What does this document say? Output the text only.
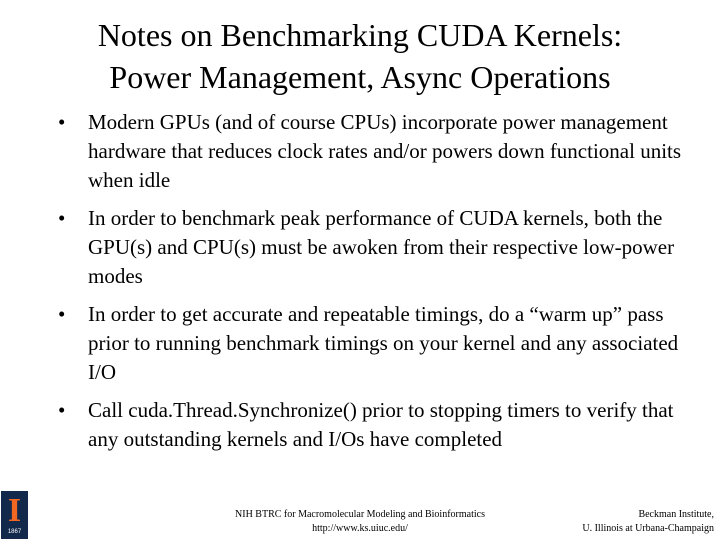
Notes on Benchmarking CUDA Kernels:
Power Management, Async Operations
•	Modern GPUs (and of course CPUs) incorporate power management hardware that reduces clock rates and/or powers down functional units when idle
•	In order to benchmark peak performance of CUDA kernels, both the GPU(s) and CPU(s) must be awoken from their respective low-power modes
•	In order to get accurate and repeatable timings, do a “warm up” pass prior to running benchmark timings on your kernel and any associated I/O
•	Call cuda.Thread.Synchronize() prior to stopping timers to verify that any outstanding kernels and I/Os have completed
I
1867
NIH BTRC for Macromolecular Modeling and Bioinformatics
http://www.ks.uiuc.edu/
Beckman Institute,
U. Illinois at Urbana-Champaign
